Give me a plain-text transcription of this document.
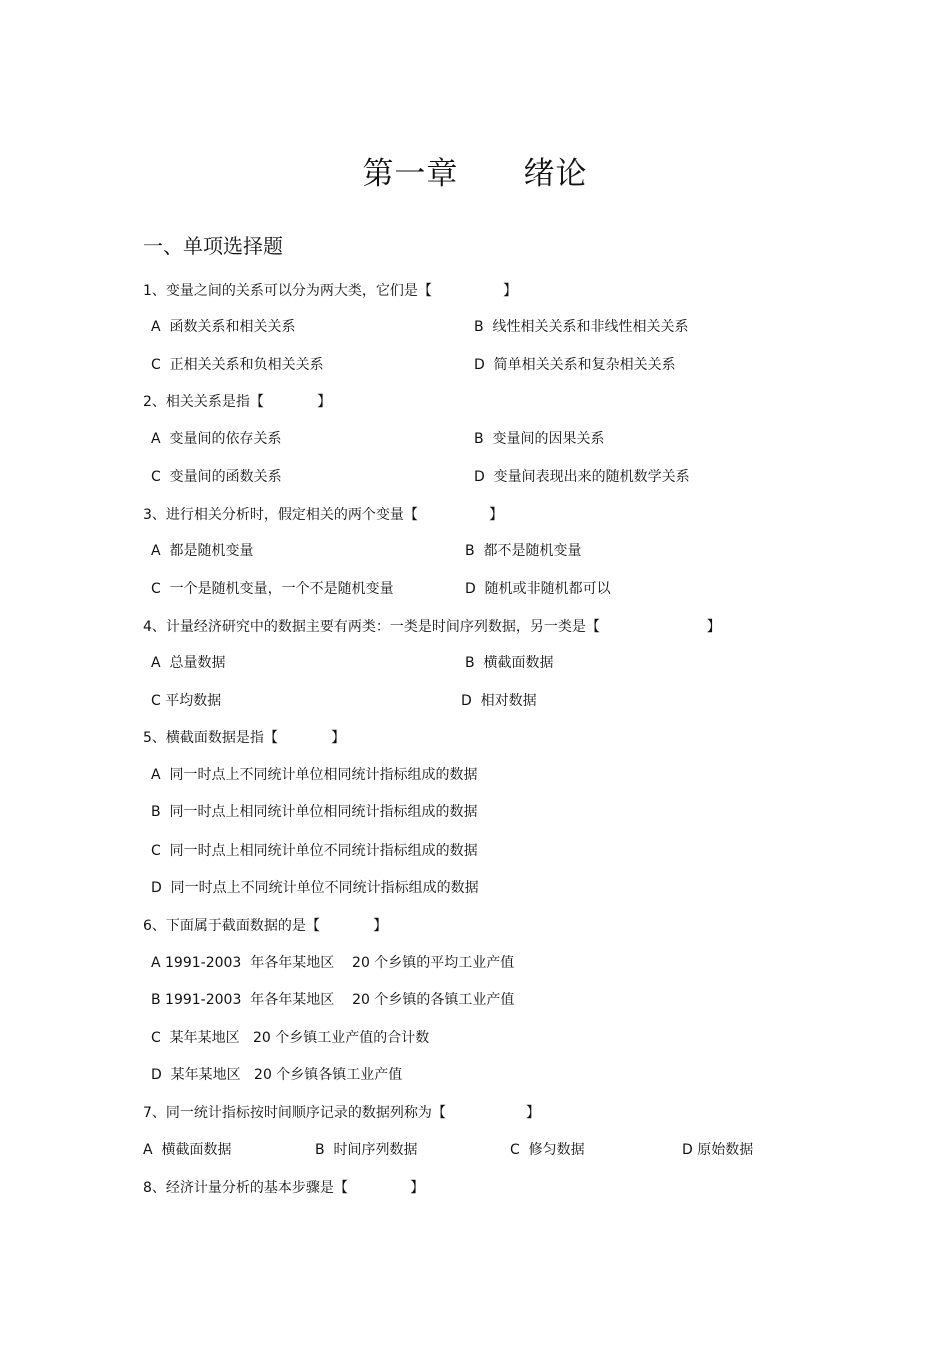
第一章      绪论
一、单项选择题
1、变量之间的关系可以分为两大类，它们是【                】
A  函数关系和相关关系	B  线性相关关系和非线性相关关系
C  正相关关系和负相关关系	D  简单相关关系和复杂相关关系
2、相关关系是指【            】
A  变量间的依存关系	B  变量间的因果关系
C  变量间的函数关系	D  变量间表现出来的随机数学关系
3、进行相关分析时，假定相关的两个变量【                】
A  都是随机变量	B  都不是随机变量
C  一个是随机变量，一个不是随机变量	D  随机或非随机都可以
4、计量经济研究中的数据主要有两类：一类是时间序列数据，另一类是【                        】
A  总量数据	B  横截面数据
C 平均数据	D  相对数据
5、横截面数据是指【            】
A  同一时点上不同统计单位相同统计指标组成的数据
B  同一时点上相同统计单位相同统计指标组成的数据
C  同一时点上相同统计单位不同统计指标组成的数据
D  同一时点上不同统计单位不同统计指标组成的数据
6、下面属于截面数据的是【            】
A 1991-2003  年各年某地区    20 个乡镇的平均工业产值
B 1991-2003  年各年某地区    20 个乡镇的各镇工业产值
C  某年某地区   20 个乡镇工业产值的合计数
D  某年某地区   20 个乡镇各镇工业产值
7、同一统计指标按时间顺序记录的数据列称为【                  】
A  横截面数据	B  时间序列数据	C  修匀数据	D 原始数据
8、经济计量分析的基本步骤是【              】
